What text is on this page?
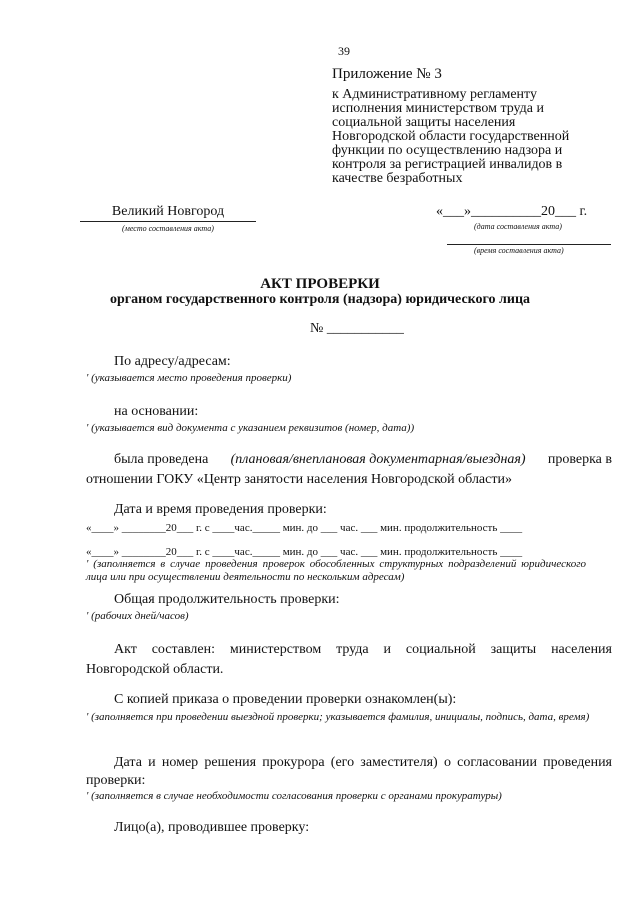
39
Приложение № 3
к Административному регламенту исполнения министерством труда и социальной защиты населения Новгородской области государственной функции по осуществлению надзора и контроля за регистрацией инвалидов в качестве безработных
Великий Новгород
(место составления акта)
«___»__________20___ г.
(дата составления акта)
(время составления акта)
АКТ ПРОВЕРКИ
органом государственного контроля (надзора) юридического лица
№ ___________
По адресу/адресам:
' (указывается место проведения проверки)
на основании:
' (указывается вид документа с указанием реквизитов (номер, дата))
была проведена (плановая/внеплановая документарная/выездная) проверка в
отношении ГОКУ «Центр занятости населения Новгородской области»
Дата и время проведения проверки:
«____» ________20___ г. с ____час._____ мин. до ___ час. ___ мин. продолжительность ____
«____» ________20___ г. с ____час._____ мин. до ___ час. ___ мин. продолжительность ____
' (заполняется в случае проведения проверок обособленных структурных подразделений юридического лица или при осуществлении деятельности по нескольким адресам)
Общая продолжительность проверки:
' (рабочих дней/часов)
Акт составлен: министерством труда и социальной защиты населения Новгородской области.
С копией приказа о проведении проверки ознакомлен(ы):
' (заполняется при проведении выездной проверки; указывается фамилия, инициалы, подпись, дата, время)
Дата и номер решения прокурора (его заместителя) о согласовании проведения проверки:
' (заполняется в случае необходимости согласования проверки с органами прокуратуры)
Лицо(а), проводившее проверку:
